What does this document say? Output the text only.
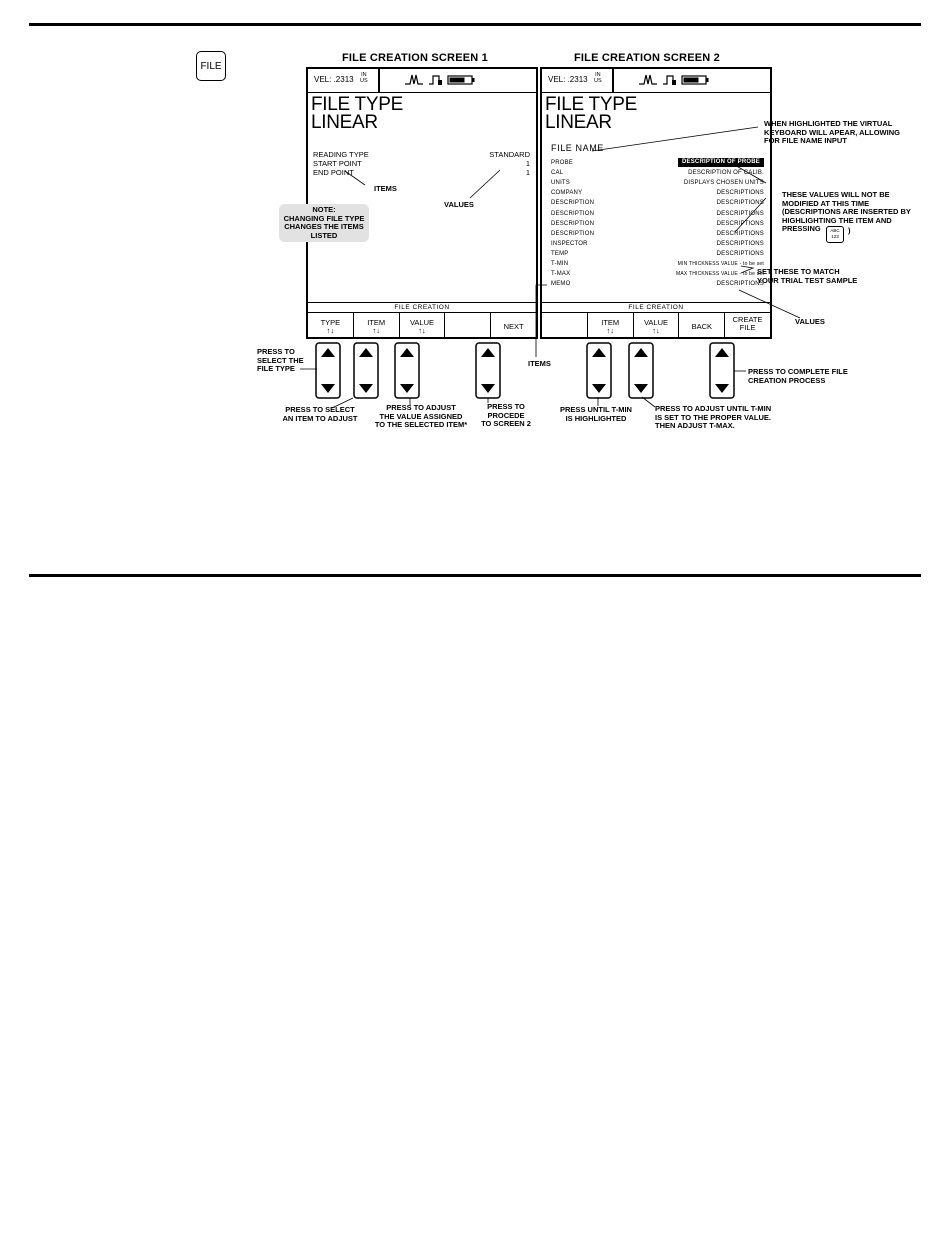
FILE
FILE CREATION SCREEN 1
VEL: .2313 IN
US
FILE TYPE
LINEAR
READING TYPE	STANDARD
START POINT	1
END POINT	1
FILE CREATION
TYPE
↑↓
ITEM
↑↓
VALUE
↑↓	NEXT
FILE CREATION SCREEN 2
VEL: .2313 IN
US
FILE TYPE
LINEAR
FILE NAME
PROBE	DESCRIPTION OF PROBE
CAL	DESCRIPTION OF CALIB.
UNITS	DISPLAYS CHOSEN UNITS
COMPANY	DESCRIPTIONS
DESCRIPTION	DESCRIPTIONS
DESCRIPTION	DESCRIPTIONS
DESCRIPTION	DESCRIPTIONS
DESCRIPTION	DESCRIPTIONS
INSPECTOR	DESCRIPTIONS
TEMP	DESCRIPTIONS
T-MIN	MIN THICKNESS VALUE - to be set
T-MAX	MAX THICKNESS VALUE - to be set
MEMO	DESCRIPTIONS
FILE CREATION
ITEM
↑↓
VALUE
↑↓	BACK
CREATE FILE
ITEMS
VALUES
NOTE:
CHANGING FILE TYPE
CHANGES THE ITEMS
LISTED
WHEN HIGHLIGHTED THE VIRTUAL
KEYBOARD WILL APEAR, ALLOWING
FOR FILE NAME INPUT
THESE VALUES WILL NOT BE
MODIFIED AT THIS TIME
(DESCRIPTIONS ARE INSERTED BY
HIGHLIGHTING THE ITEM AND
PRESSING	ABC
123
)
SET THESE TO MATCH
YOUR TRIAL TEST SAMPLE
VALUES
ITEMS
PRESS TO
SELECT THE
FILE TYPE
PRESS TO SELECT
AN ITEM TO ADJUST
PRESS TO ADJUST
THE VALUE ASSIGNED
TO THE SELECTED ITEM*
PRESS TO
PROCEDE
TO SCREEN 2
PRESS UNTIL T-MIN
IS HIGHLIGHTED
PRESS TO ADJUST UNTIL T-MIN
IS SET TO THE PROPER VALUE.
THEN ADJUST T-MAX.
PRESS TO COMPLETE FILE
CREATION PROCESS
